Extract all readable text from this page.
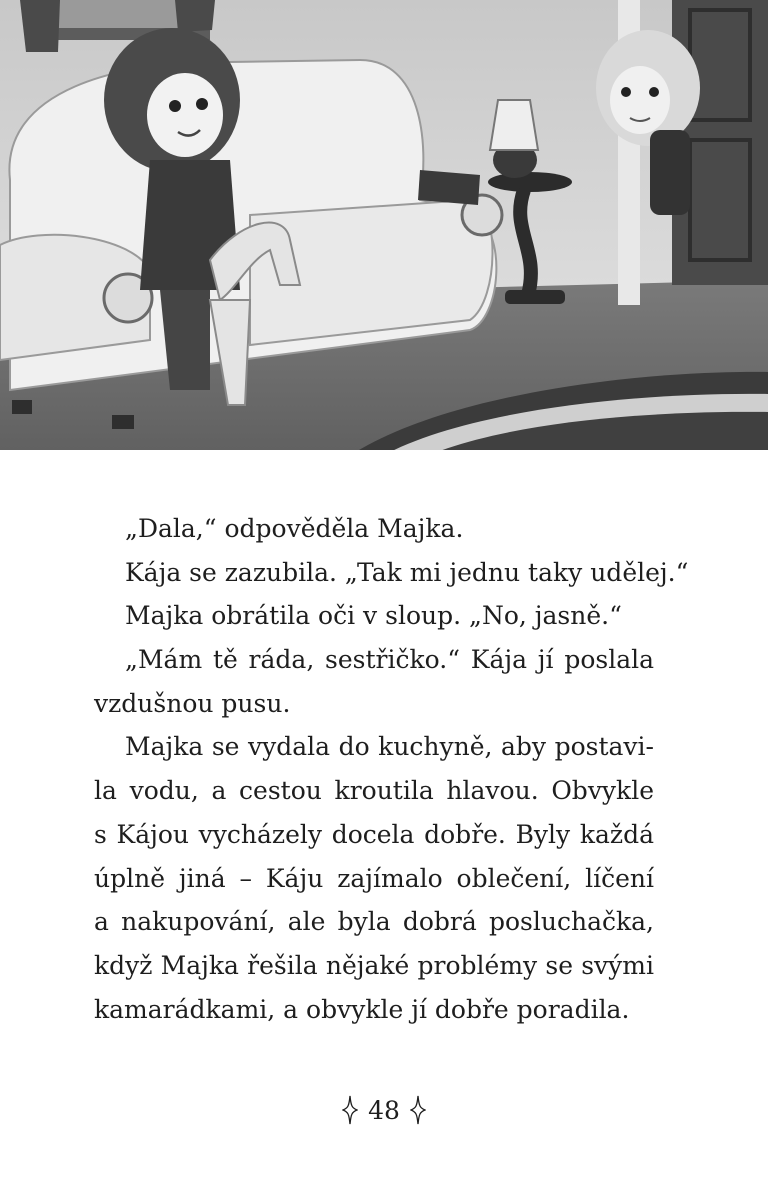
„Dala,“ odpověděla Majka.
Kája se zazubila. „Tak mi jednu taky udělej.“
Majka obrátila oči v sloup. „No, jasně.“
„Mám tě ráda, sestřičko.“ Kája jí poslala
vzdušnou pusu.
Majka se vydala do kuchyně, aby postavi-
la vodu, a cestou kroutila hlavou. Obvykle
s Kájou vycházely docela dobře. Byly každá
úplně jiná – Káju zajímalo oblečení, líčení
a nakupování, ale byla dobrá posluchačka,
když Majka řešila nějaké problémy se svými
kamarádkami, a obvykle jí dobře poradila.
48
